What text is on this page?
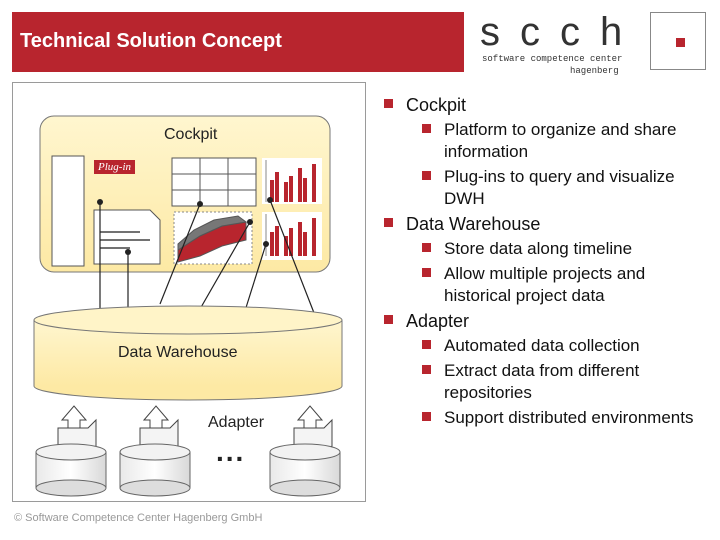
Technical Solution Concept	scch
software competence center
hagenberg
Cockpit
Plug-in
Data Warehouse
Adapter
...
Cockpit
Platform to organize and share information
Plug-ins to query and visualize DWH
Data Warehouse
Store data along timeline
Allow multiple projects and historical project data
Adapter
Automated data collection
Extract data from different repositories
Support distributed environments
© Software Competence Center Hagenberg GmbH
